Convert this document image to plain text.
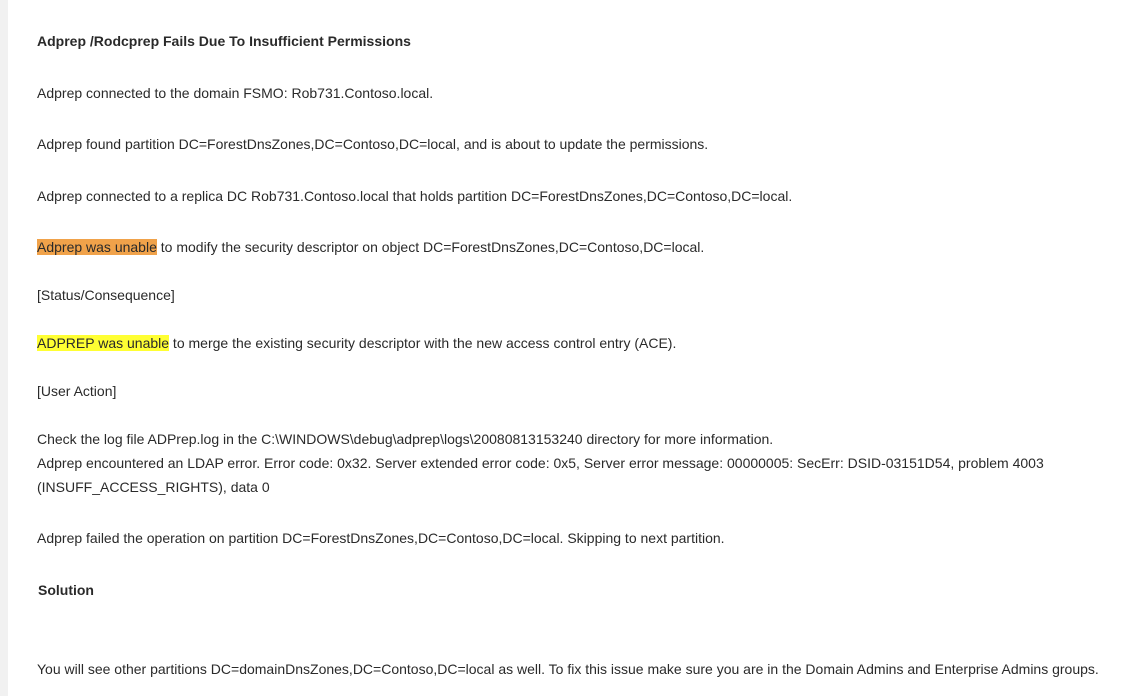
Adprep /Rodcprep Fails Due To Insufficient Permissions
Adprep connected to the domain FSMO: Rob731.Contoso.local.
Adprep found partition DC=ForestDnsZones,DC=Contoso,DC=local, and is about to update the permissions.
Adprep connected to a replica DC Rob731.Contoso.local that holds partition DC=ForestDnsZones,DC=Contoso,DC=local.
Adprep was unable to modify the security descriptor on object DC=ForestDnsZones,DC=Contoso,DC=local.
[Status/Consequence]
ADPREP was unable to merge the existing security descriptor with the new access control entry (ACE).
[User Action]
Check the log file ADPrep.log in the C:\WINDOWS\debug\adprep\logs\20080813153240 directory for more information.
Adprep encountered an LDAP error. Error code: 0x32. Server extended error code: 0x5, Server error message: 00000005: SecErr: DSID-03151D54, problem 4003
(INSUFF_ACCESS_RIGHTS), data 0
Adprep failed the operation on partition DC=ForestDnsZones,DC=Contoso,DC=local. Skipping to next partition.
Solution
You will see other partitions DC=domainDnsZones,DC=Contoso,DC=local as well. To fix this issue make sure you are in the Domain Admins and Enterprise Admins groups.
